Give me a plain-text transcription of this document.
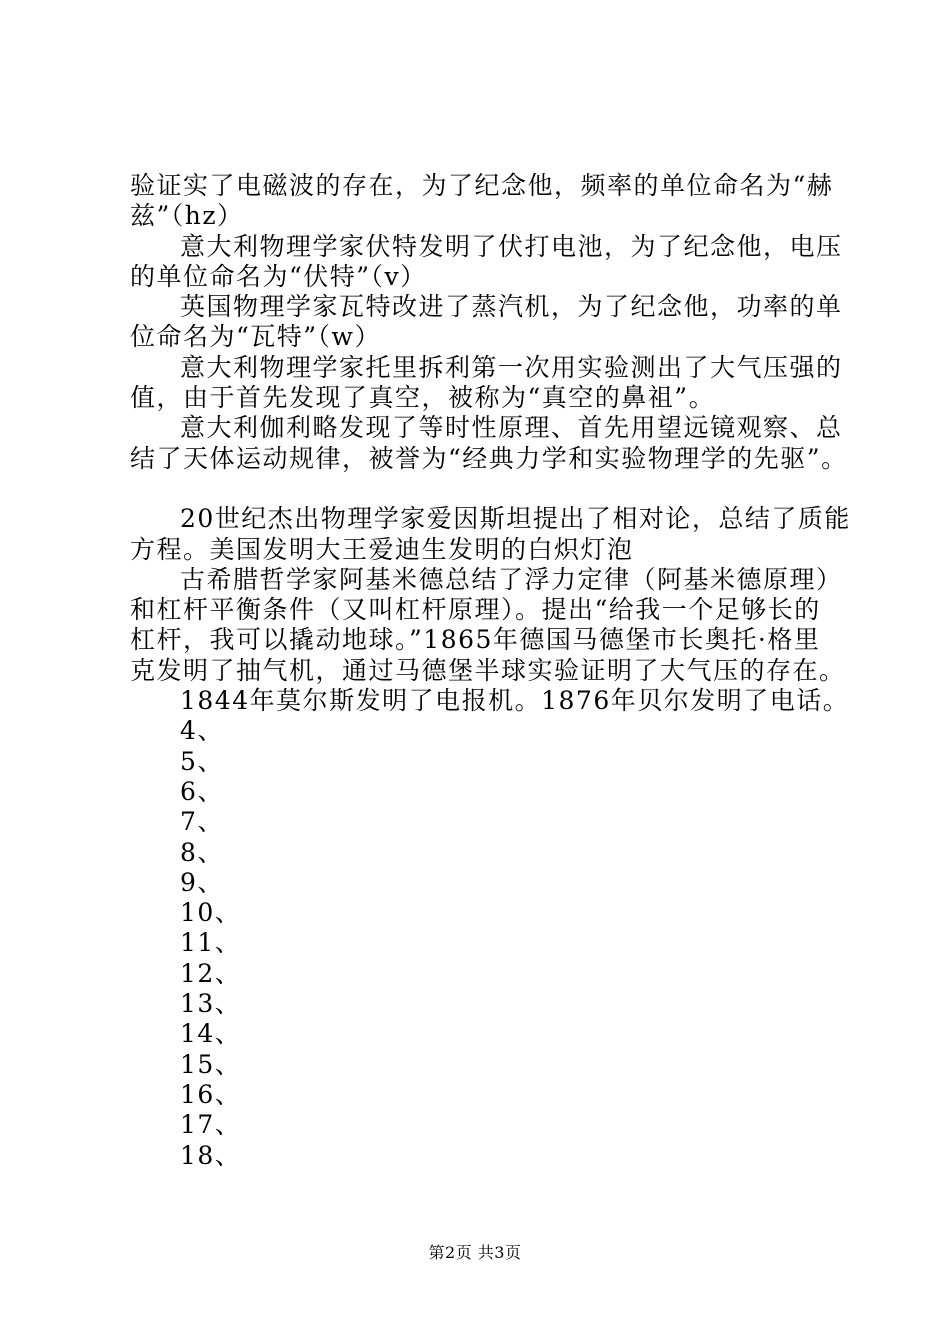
验证实了电磁波的存在，为了纪念他，频率的单位命名为“赫
兹”（hz）

意大利物理学家伏特发明了伏打电池，为了纪念他，电压
的单位命名为“伏特”（v）

英国物理学家瓦特改进了蒸汽机，为了纪念他，功率的单
位命名为“瓦特”（w）

意大利物理学家托里拆利第一次用实验测出了大气压强的
值，由于首先发现了真空，被称为“真空的鼻祖”。

意大利伽利略发现了等时性原理、首先用望远镜观察、总
结了天体运动规律，被誉为“经典力学和实验物理学的先驱”。

20世纪杰出物理学家爱因斯坦提出了相对论，总结了质能
方程。美国发明大王爱迪生发明的白炽灯泡

古希腊哲学家阿基米德总结了浮力定律（阿基米德原理）
和杠杆平衡条件（又叫杠杆原理）。提出“给我一个足够长的
杠杆，我可以撬动地球。”1865年德国马德堡市长奥托·格里
克发明了抽气机，通过马德堡半球实验证明了大气压的存在。

1844年莫尔斯发明了电报机。1876年贝尔发明了电话。

4、
5、
6、
7、
8、
9、
10、
11、
12、
13、
14、
15、
16、
17、
18、
第2页 共3页
